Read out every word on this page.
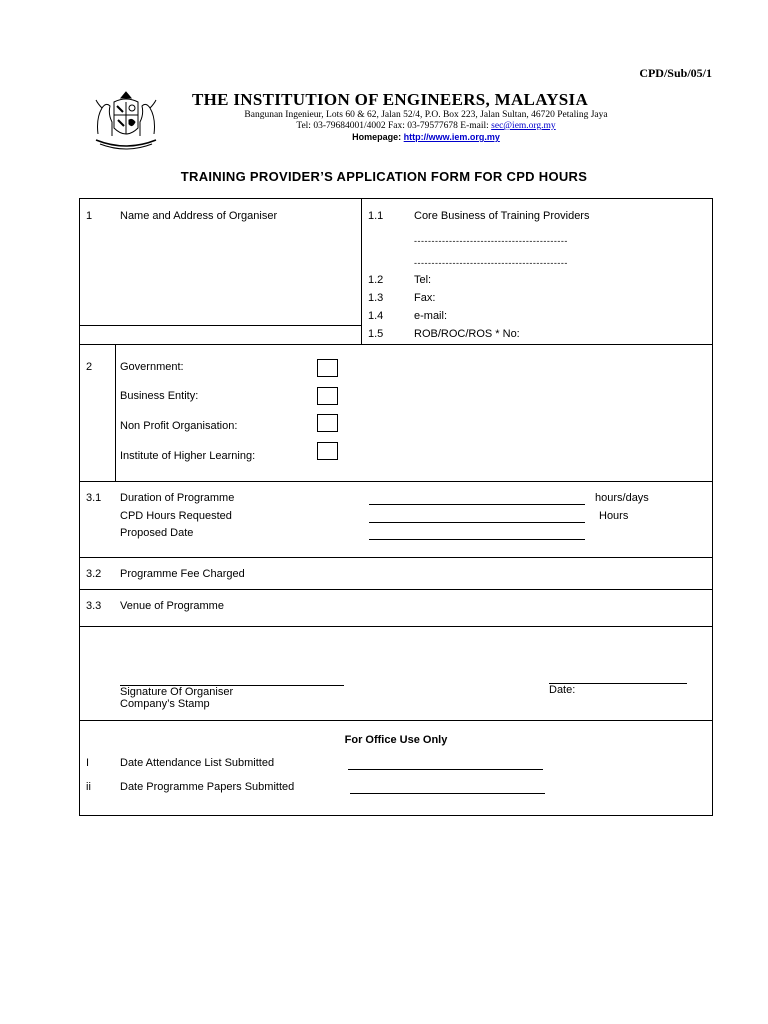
CPD/Sub/05/1
THE INSTITUTION OF ENGINEERS, MALAYSIA
Bangunan Ingenieur, Lots 60 & 62, Jalan 52/4, P.O. Box 223, Jalan Sultan, 46720 Petaling Jaya
Tel: 03-79684001/4002 Fax: 03-79577678 E-mail: sec@iem.org.my
Homepage: http://www.iem.org.my
TRAINING PROVIDER’S APPLICATION FORM FOR CPD HOURS
1	Name and Address of Organiser	1.1	Core Business of Training Providers
--------------------------------------------
--------------------------------------------
1.2	Tel:
1.3	Fax:
1.4	e-mail:
1.5	ROB/ROC/ROS * No:
2	Government:
Business Entity:
Non Profit Organisation:
Institute of Higher Learning:
3.1 Duration of Programme	hours/days
CPD Hours Requested	Hours
Proposed Date
3.2 Programme Fee Charged
3.3 Venue of Programme
Signature Of Organiser
Company’s Stamp
Date:
For Office Use Only
I	Date Attendance List Submitted
ii	Date Programme Papers Submitted
